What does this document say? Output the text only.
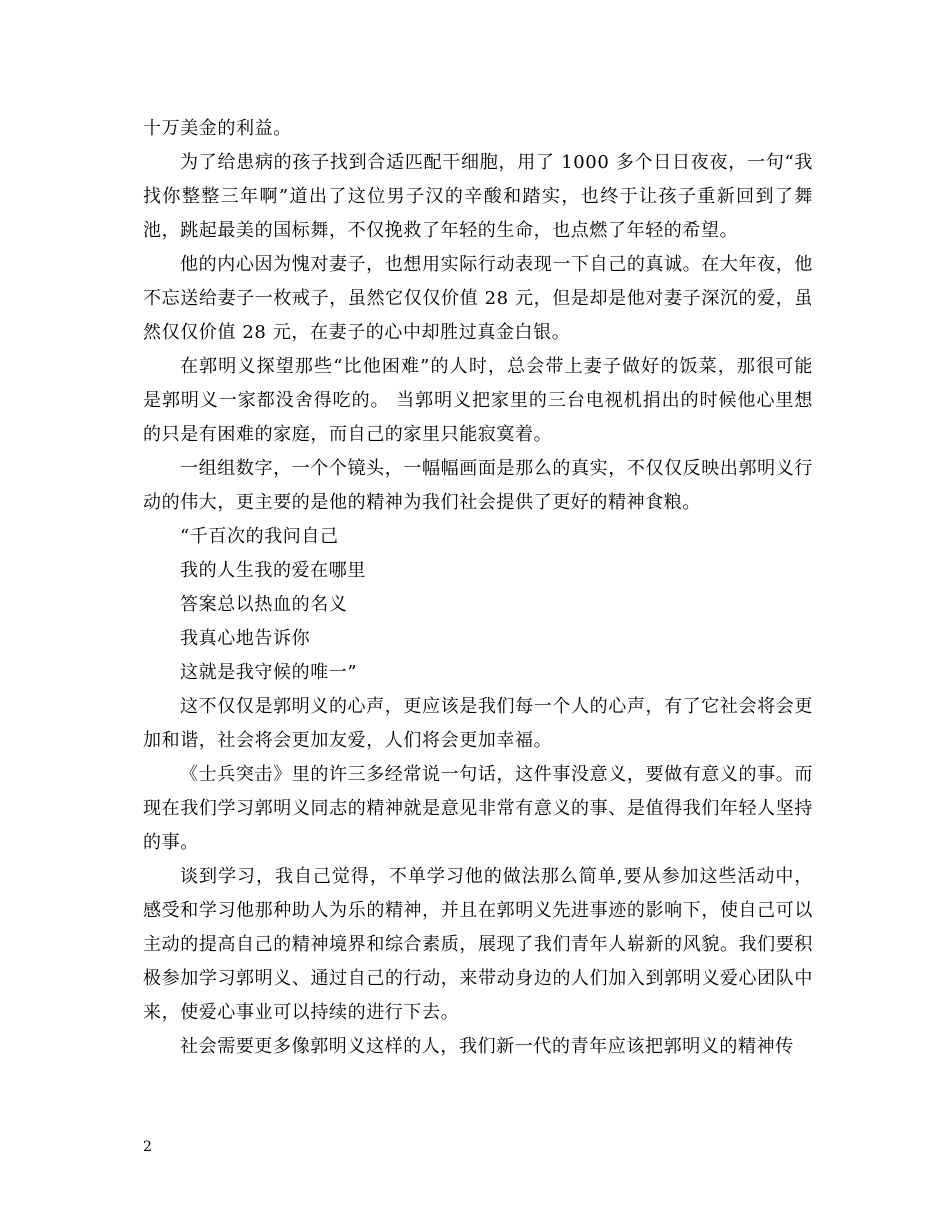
十万美金的利益。

为了给患病的孩子找到合适匹配干细胞，用了 1000 多个日日夜夜，一句“我找你整整三年啊”道出了这位男子汉的辛酸和踏实，也终于让孩子重新回到了舞池，跳起最美的国标舞，不仅挽救了年轻的生命，也点燃了年轻的希望。

他的内心因为愧对妻子，也想用实际行动表现一下自己的真诚。在大年夜，他不忘送给妻子一枚戒子，虽然它仅仅价值 28 元，但是却是他对妻子深沉的爱，虽然仅仅价值 28 元，在妻子的心中却胜过真金白银。

在郭明义探望那些“比他困难”的人时，总会带上妻子做好的饭菜，那很可能是郭明义一家都没舍得吃的。 当郭明义把家里的三台电视机捐出的时候他心里想的只是有困难的家庭，而自己的家里只能寂寞着。

一组组数字，一个个镜头，一幅幅画面是那么的真实，不仅仅反映出郭明义行动的伟大，更主要的是他的精神为我们社会提供了更好的精神食粮。

“千百次的我问自己

我的人生我的爱在哪里

答案总以热血的名义

我真心地告诉你

这就是我守候的唯一”

这不仅仅是郭明义的心声，更应该是我们每一个人的心声，有了它社会将会更加和谐，社会将会更加友爱，人们将会更加幸福。

《士兵突击》里的许三多经常说一句话，这件事没意义，要做有意义的事。而现在我们学习郭明义同志的精神就是意见非常有意义的事、是值得我们年轻人坚持的事。

谈到学习，我自己觉得，不单学习他的做法那么简单,要从参加这些活动中，感受和学习他那种助人为乐的精神，并且在郭明义先进事迹的影响下，使自己可以主动的提高自己的精神境界和综合素质，展现了我们青年人崭新的风貌。我们要积极参加学习郭明义、通过自己的行动，来带动身边的人们加入到郭明义爱心团队中来，使爱心事业可以持续的进行下去。

社会需要更多像郭明义这样的人，我们新一代的青年应该把郭明义的精神传

2
